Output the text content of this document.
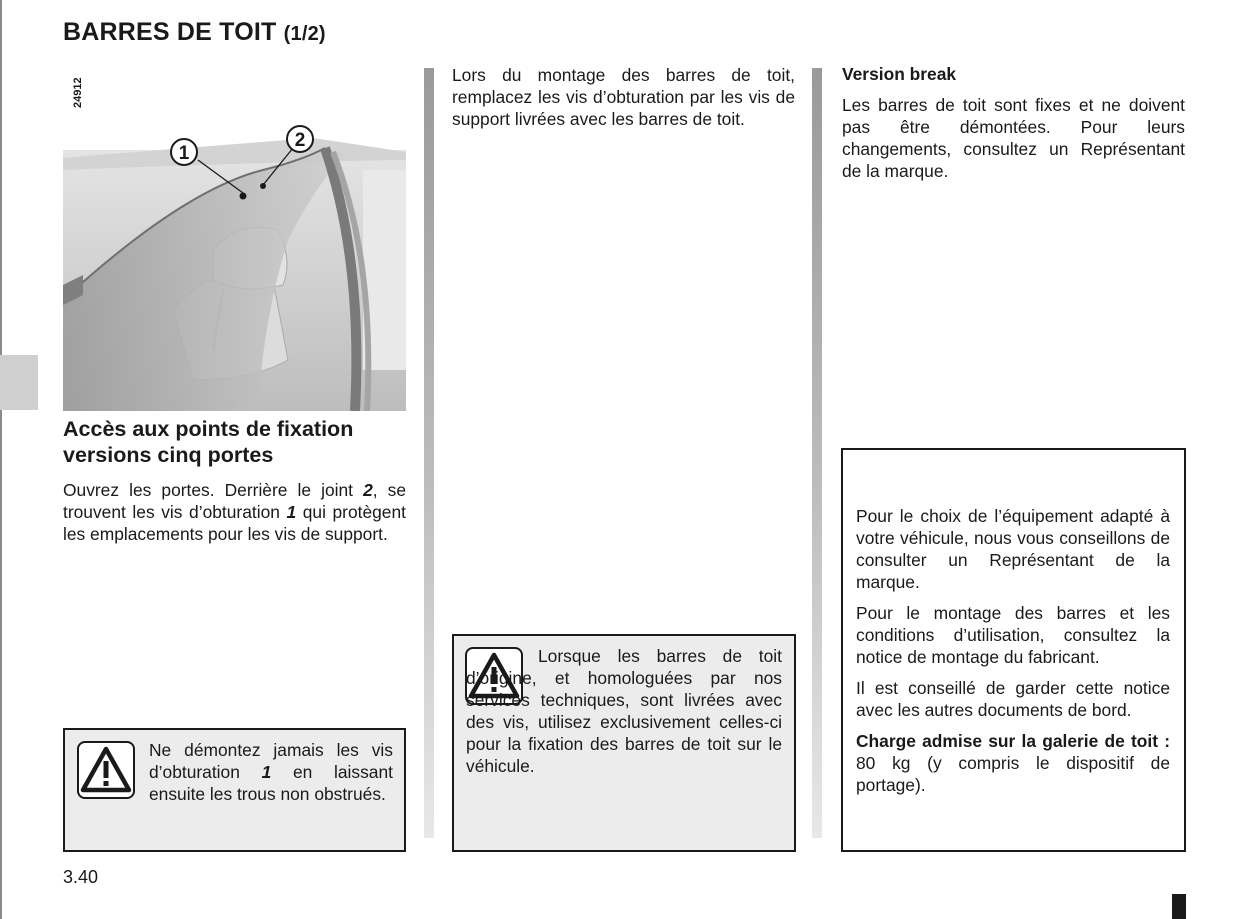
BARRES DE TOIT (1/2)
1
2
24912
Accès aux points de fixation
versions cinq portes
Ouvrez les portes. Derrière le joint 2, se trouvent les vis d’obturation 1 qui protègent les emplacements pour les vis de support.
Ne démontez jamais les vis d’obturation 1 en laissant ensuite les trous non obstrués.
3.40
Lors du montage des barres de toit, remplacez les vis d’obturation par les vis de support livrées avec les barres de toit.
Lorsque les barres de toit d’origine, et homologuées par nos services techniques, sont livrées avec des vis, utilisez exclusivement celles-ci pour la fixation des barres de toit sur le véhicule.
Version break
Les barres de toit sont fixes et ne doivent pas être démontées. Pour leurs changements, consultez un Représentant de la marque.
Pour le choix de l’équipement adapté à votre véhicule, nous vous conseillons de consulter un Représentant de la marque.
Pour le montage des barres et les conditions d’utilisation, consultez la notice de montage du fabricant.
Il est conseillé de garder cette notice avec les autres documents de bord.
Charge admise sur la galerie de toit : 80 kg (y compris le dispositif de portage).
